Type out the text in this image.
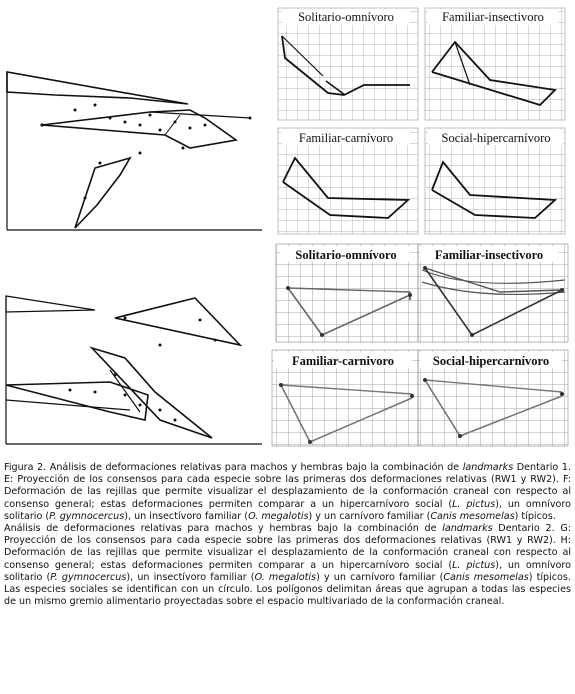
Solitario-omnívoro	Familiar-insectivoro
Familiar-carnívoro	Social-hipercarnívoro
Solitario-omnívoro	Familiar-insectivoro
Familiar-carnivoro	Social-hipercarnívoro

Figura 2. Análisis de deformaciones relativas para machos y hembras bajo la combinación de landmarks Dentario 1. E: Proyección de los consensos para cada especie sobre las primeras dos deformaciones relativas (RW1 y RW2). F: Deformación de las rejillas que permite visualizar el desplazamiento de la conformación craneal con respecto al consenso general; estas deformaciones permiten comparar a un hipercarnívoro social (L. pictus), un omnívoro solitario (P. gymnocercus), un insectívoro familiar (O. megalotis) y un carnívoro familiar (Canis mesomelas) típicos.

Análisis de deformaciones relativas para machos y hembras bajo la combinación de landmarks Dentario 2. G: Proyección de los consensos para cada especie sobre las primeras dos deformaciones relativas (RW1 y RW2). H: Deformación de las rejillas que permite visualizar el desplazamiento de la conformación craneal con respecto al consenso general; estas deformaciones permiten comparar a un hipercarnívoro social (L. pictus), un omnívoro solitario (P. gymnocercus), un insectívoro familiar (O. megalotis) y un carnívoro familiar (Canis mesomelas) típicos. Las especies sociales se identifican con un círculo. Los polígonos delimitan áreas que agrupan a todas las especies de un mismo gremio alimentario proyectadas sobre el espacio multivariado de la conformación craneal.
